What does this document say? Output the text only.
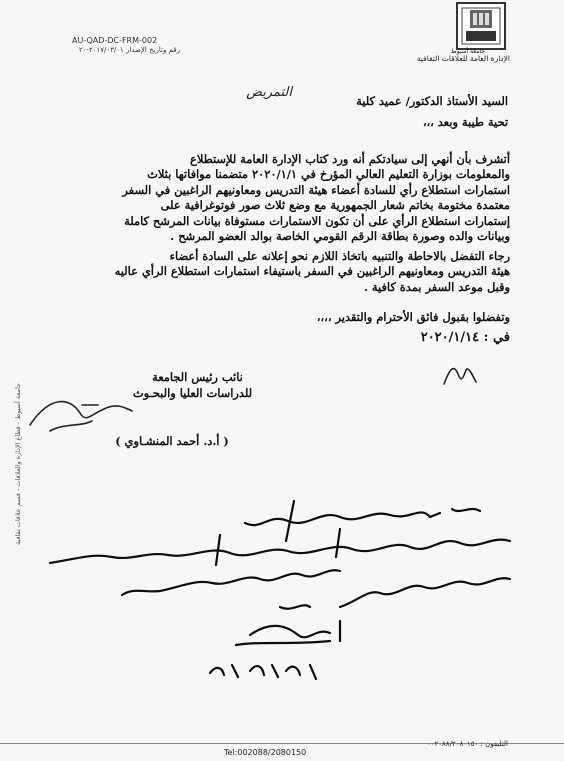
AU-QAD-DC-FRM-002
رقم وتاريخ الإصدار ٢٠١٧/٠٣/٠١-٢٠	جامعة أسيوط
الإدارة العامة للعلاقات الثقافية
جامعة أسيوط - قطاع الإدارة والعلاقات - قسم علاقات ثقافية
السيد الأستاذ الدكتور/ عميد كلية
التمريض
تحية طيبة وبعد ،،،
أتشرف بأن أنهي إلى سيادتكم أنه ورد كتاب الإدارة العامة للإستطلاع
والمعلومات بوزارة التعليم العالي المؤرخ في ٢٠٢٠/١/١ متضمنا موافاتها بثلاث
استمارات استطلاع رأي للسادة أعضاء هيئة التدريس ومعاونيهم الراغبين في السفر
معتمدة مختومة بخاتم شعار الجمهورية مع وضع ثلاث صور فوتوغرافية على
إستمارات استطلاع الرأي على أن تكون الاستمارات مستوفاة بيانات المرشح كاملة
وبيانات والده وصورة بطاقة الرقم القومي الخاصة بوالد العضو المرشح .
رجاء التفضل بالاحاطة والتنبيه باتخاذ اللازم نحو إعلانه على السادة أعضاء
هيئة التدريس ومعاونيهم الراغبين في السفر باستيفاء استمارات استطلاع الرأي عاليه
وقبل موعد السفر بمدة كافية .
وتفضلوا بقبول فائق الأحترام والتقدير ،،،،
في : ٢٠٢٠/١/١٤
نائب رئيس الجامعة
للدراسات العليا والبحـوث
( أ.د. أحمد المنشـاوي )
Tel:002088/2080150
التليفون : ٠٠٢٠٨٨/٢٠٨٠١٥٠
